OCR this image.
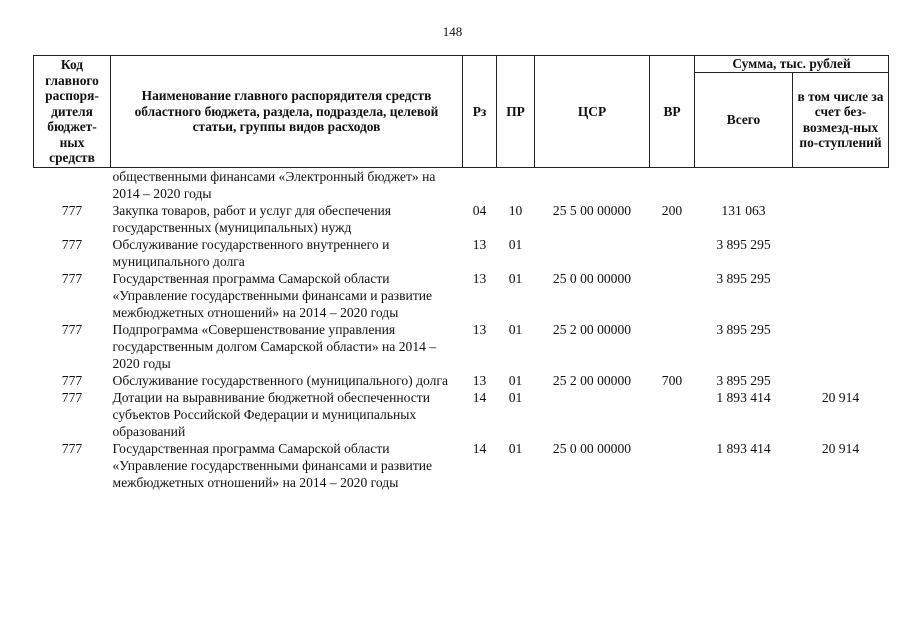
148
Код главного распоря-дителя бюджет-ных средств	Наименование главного распорядителя средств областного бюджета, раздела, подраздела, целевой статьи, группы видов расходов	Рз	ПР	ЦСР	ВР	Сумма, тыс. рублей	
						Всего	в том числе за счет без-возмезд-ных по-ступлений
	общественными финансами «Электронный бюджет» на 2014 – 2020 годы						
777	Закупка товаров, работ и услуг для обеспечения государственных (муниципальных) нужд	04	10	25 5 00 00000	200	131 063	
777	Обслуживание государственного внутреннего и муниципального долга	13	01			3 895 295	
777	Государственная программа Самарской области «Управление государственными финансами и развитие межбюджетных отношений» на 2014 – 2020 годы	13	01	25 0 00 00000		3 895 295	
777	Подпрограмма «Совершенствование управления государственным долгом Самарской области» на 2014 – 2020 годы	13	01	25 2 00 00000		3 895 295	
777	Обслуживание государственного (муниципального) долга	13	01	25 2 00 00000	700	3 895 295	
777	Дотации на выравнивание бюджетной обеспеченности субъектов Российской Федерации и муниципальных образований	14	01			1 893 414	20 914
777	Государственная программа Самарской области «Управление государственными финансами и развитие межбюджетных отношений» на 2014 – 2020 годы	14	01	25 0 00 00000		1 893 414	20 914
